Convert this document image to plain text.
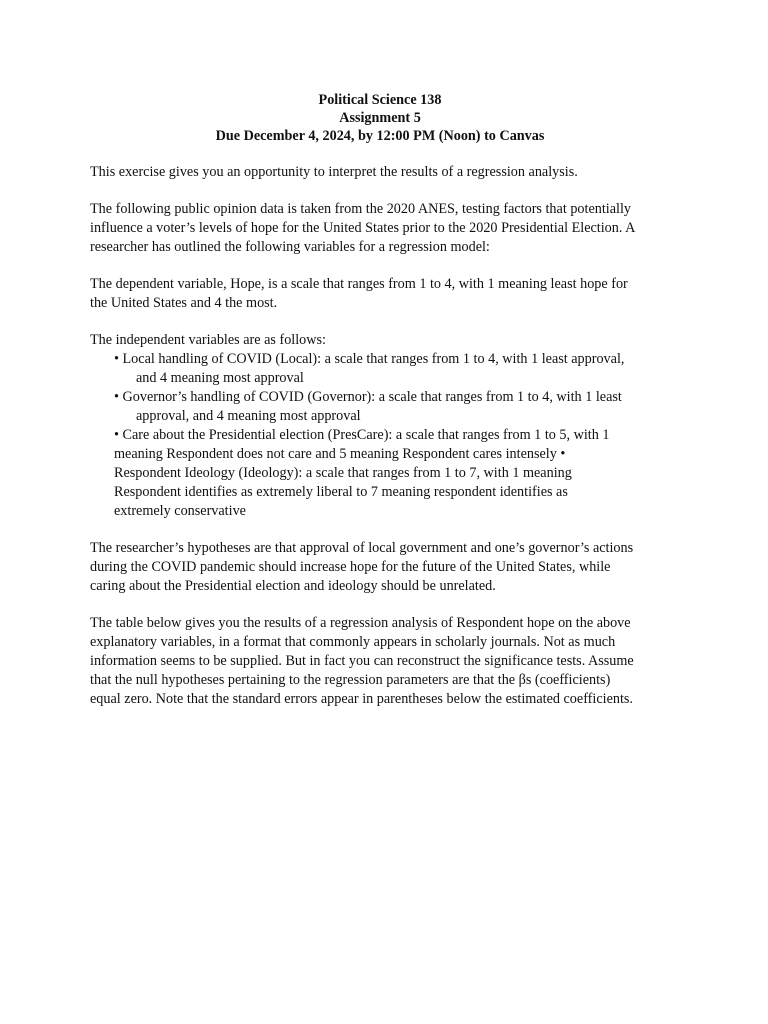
Political Science 138
Assignment 5
Due December 4, 2024, by 12:00 PM (Noon) to Canvas

This exercise gives you an opportunity to interpret the results of a regression analysis.

The following public opinion data is taken from the 2020 ANES, testing factors that potentially
influence a voter’s levels of hope for the United States prior to the 2020 Presidential Election. A
researcher has outlined the following variables for a regression model:

The dependent variable, Hope, is a scale that ranges from 1 to 4, with 1 meaning least hope for
the United States and 4 the most.

The independent variables are as follows:

• Local handling of COVID (Local): a scale that ranges from 1 to 4, with 1 least approval,
and 4 meaning most approval
• Governor’s handling of COVID (Governor): a scale that ranges from 1 to 4, with 1 least
approval, and 4 meaning most approval
• Care about the Presidential election (PresCare): a scale that ranges from 1 to 5, with 1
meaning Respondent does not care and 5 meaning Respondent cares intensely •
Respondent Ideology (Ideology): a scale that ranges from 1 to 7, with 1 meaning
Respondent identifies as extremely liberal to 7 meaning respondent identifies as
extremely conservative

The researcher’s hypotheses are that approval of local government and one’s governor’s actions
during the COVID pandemic should increase hope for the future of the United States, while
caring about the Presidential election and ideology should be unrelated.

The table below gives you the results of a regression analysis of Respondent hope on the above
explanatory variables, in a format that commonly appears in scholarly journals. Not as much
information seems to be supplied. But in fact you can reconstruct the significance tests. Assume
that the null hypotheses pertaining to the regression parameters are that the βs (coefficients)
equal zero. Note that the standard errors appear in parentheses below the estimated coefficients.
